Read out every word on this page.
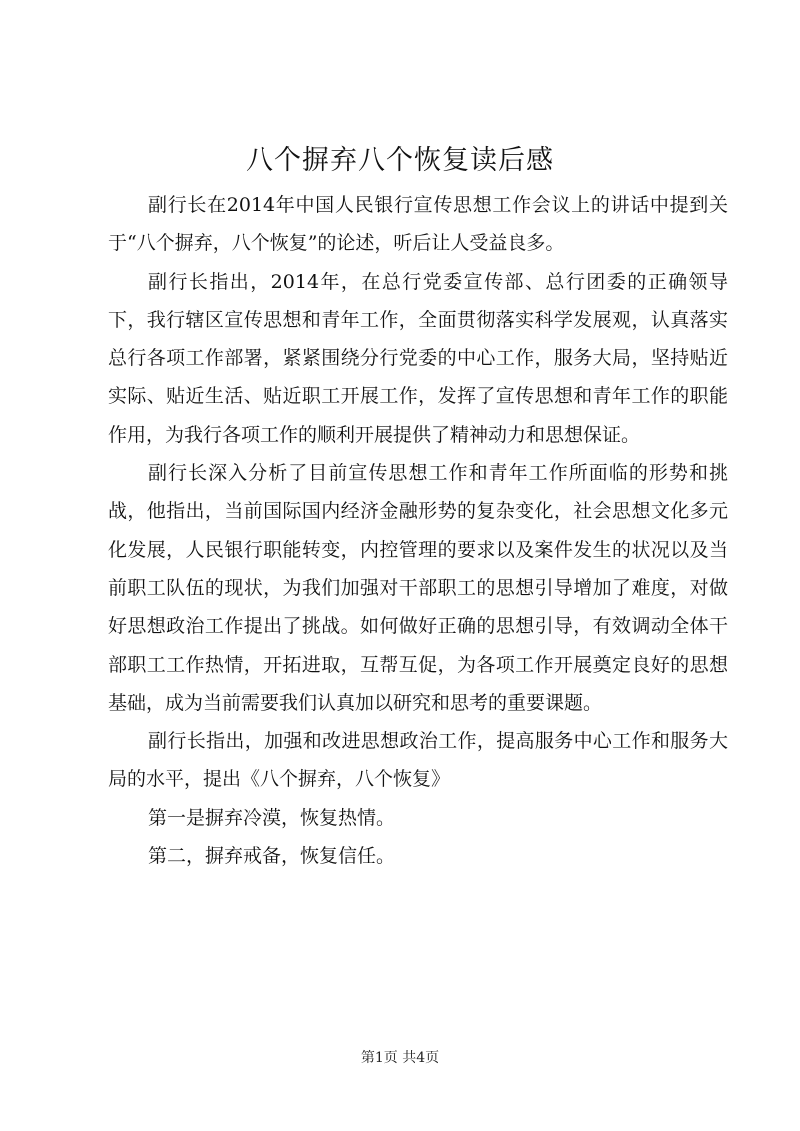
八个摒弃八个恢复读后感

副行长在2014年中国人民银行宣传思想工作会议上的讲话中提到关于“八个摒弃，八个恢复”的论述，听后让人受益良多。

副行长指出，2014年，在总行党委宣传部、总行团委的正确领导下，我行辖区宣传思想和青年工作，全面贯彻落实科学发展观，认真落实总行各项工作部署，紧紧围绕分行党委的中心工作，服务大局，坚持贴近实际、贴近生活、贴近职工开展工作，发挥了宣传思想和青年工作的职能作用，为我行各项工作的顺利开展提供了精神动力和思想保证。

副行长深入分析了目前宣传思想工作和青年工作所面临的形势和挑战，他指出，当前国际国内经济金融形势的复杂变化，社会思想文化多元化发展，人民银行职能转变，内控管理的要求以及案件发生的状况以及当前职工队伍的现状，为我们加强对干部职工的思想引导增加了难度，对做好思想政治工作提出了挑战。如何做好正确的思想引导，有效调动全体干部职工工作热情，开拓进取，互帮互促，为各项工作开展奠定良好的思想基础，成为当前需要我们认真加以研究和思考的重要课题。

副行长指出，加强和改进思想政治工作，提高服务中心工作和服务大局的水平，提出《八个摒弃，八个恢复》

第一是摒弃冷漠，恢复热情。

第二，摒弃戒备，恢复信任。

第1页 共4页
